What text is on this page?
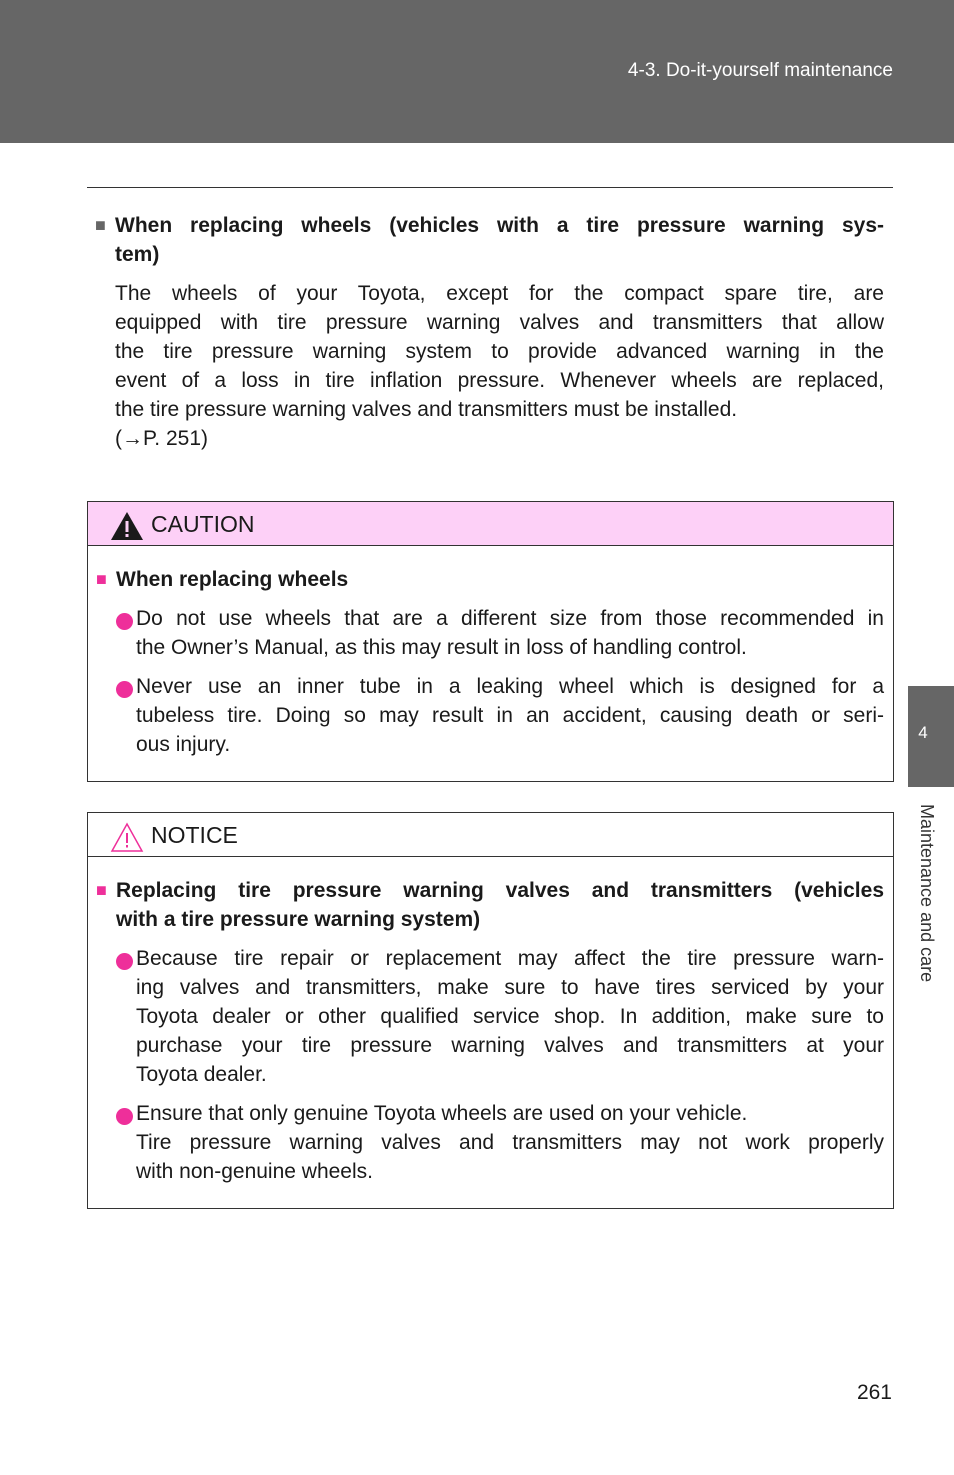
4-3. Do-it-yourself maintenance
■ When replacing wheels (vehicles with a tire pressure warning sys-
tem)
The wheels of your Toyota, except for the compact spare tire, are
equipped with tire pressure warning valves and transmitters that allow
the tire pressure warning system to provide advanced warning in the
event of a loss in tire inflation pressure. Whenever wheels are replaced,
the tire pressure warning valves and transmitters must be installed.
(→P. 251)
CAUTION
■ When replacing wheels
Do not use wheels that are a different size from those recommended in
the Owner’s Manual, as this may result in loss of handling control.
Never use an inner tube in a leaking wheel which is designed for a
tubeless tire. Doing so may result in an accident, causing death or seri-
ous injury.
NOTICE
■ Replacing tire pressure warning valves and transmitters (vehicles
with a tire pressure warning system)
Because tire repair or replacement may affect the tire pressure warn-
ing valves and transmitters, make sure to have tires serviced by your
Toyota dealer or other qualified service shop. In addition, make sure to
purchase your tire pressure warning valves and transmitters at your
Toyota dealer.
Ensure that only genuine Toyota wheels are used on your vehicle.
Tire pressure warning valves and transmitters may not work properly
with non-genuine wheels.
4
Maintenance and care
261
